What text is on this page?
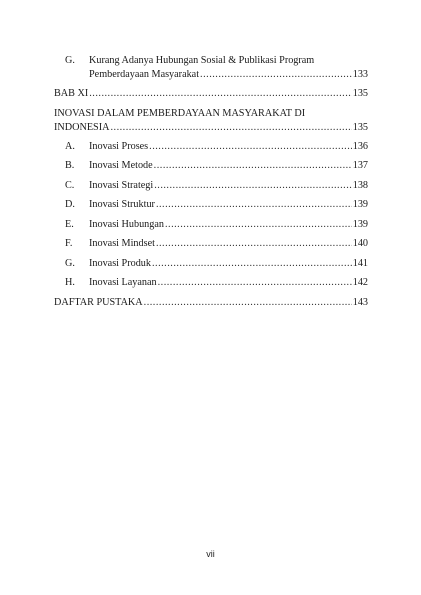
G. Kurang Adanya Hubungan Sosial & Publikasi Program
Pemberdayaan Masyarakat .....	133
BAB XI .....	135
INOVASI DALAM PEMBERDAYAAN MASYARAKAT DI
INDONESIA .....	135
A.	Inovasi Proses .....	136
B.	Inovasi Metode .....	137
C.	Inovasi Strategi .....	138
D.	Inovasi Struktur .....	139
E.	Inovasi Hubungan .....	139
F.	Inovasi Mindset .....	140
G.	Inovasi Produk .....	141
H.	Inovasi Layanan .....	142
DAFTAR PUSTAKA .....	143
vii
